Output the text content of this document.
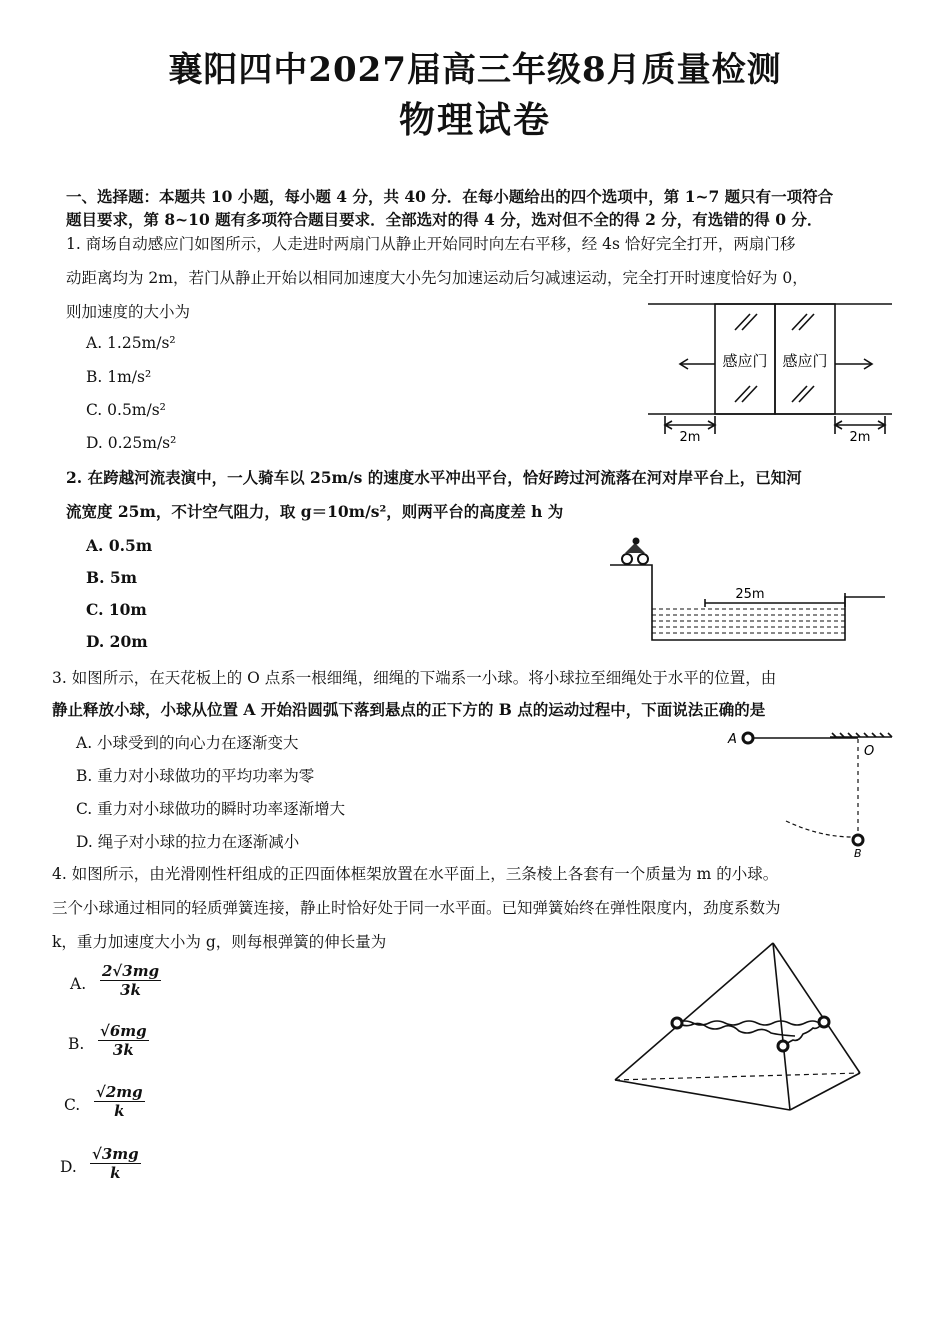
襄阳四中2027届高三年级8月质量检测
物理试卷
一、选择题：本题共 10 小题，每小题 4 分，共 40 分．在每小题给出的四个选项中，第 1~7 题只有一项符合
题目要求，第 8~10 题有多项符合题目要求．全部选对的得 4 分，选对但不全的得 2 分，有选错的得 0 分．
1. 商场自动感应门如图所示，人走进时两扇门从静止开始同时向左右平移，经 4s 恰好完全打开，两扇门移
动距离均为 2m，若门从静止开始以相同加速度大小先匀加速运动后匀减速运动，完全打开时速度恰好为 0，
则加速度的大小为
A. 1.25m/s²
B. 1m/s²
C. 0.5m/s²
D. 0.25m/s²
感应门 感应门
2m	2m
2. 在跨越河流表演中，一人骑车以 25m/s 的速度水平冲出平台，恰好跨过河流落在河对岸平台上，已知河
流宽度 25m，不计空气阻力，取 g＝10m/s²，则两平台的高度差 h 为
A. 0.5m
B. 5m
C. 10m
D. 20m
25m
3. 如图所示，在天花板上的 O 点系一根细绳，细绳的下端系一小球。将小球拉至细绳处于水平的位置，由
静止释放小球，小球从位置 A 开始沿圆弧下落到悬点的正下方的 B 点的运动过程中，下面说法正确的是
A. 小球受到的向心力在逐渐变大
B. 重力对小球做功的平均功率为零
C. 重力对小球做功的瞬时功率逐渐增大
D. 绳子对小球的拉力在逐渐减小
A
O
B
4. 如图所示，由光滑刚性杆组成的正四面体框架放置在水平面上，三条棱上各套有一个质量为 m 的小球。
三个小球通过相同的轻质弹簧连接，静止时恰好处于同一水平面。已知弹簧始终在弹性限度内，劲度系数为
k，重力加速度大小为 g，则每根弹簧的伸长量为
A. $\frac{2√3mg}{3k}$
B. $\frac{√6mg}{3k}$
C. $\frac{√2mg}{k}$
D. $\frac{√3mg}{k}$
